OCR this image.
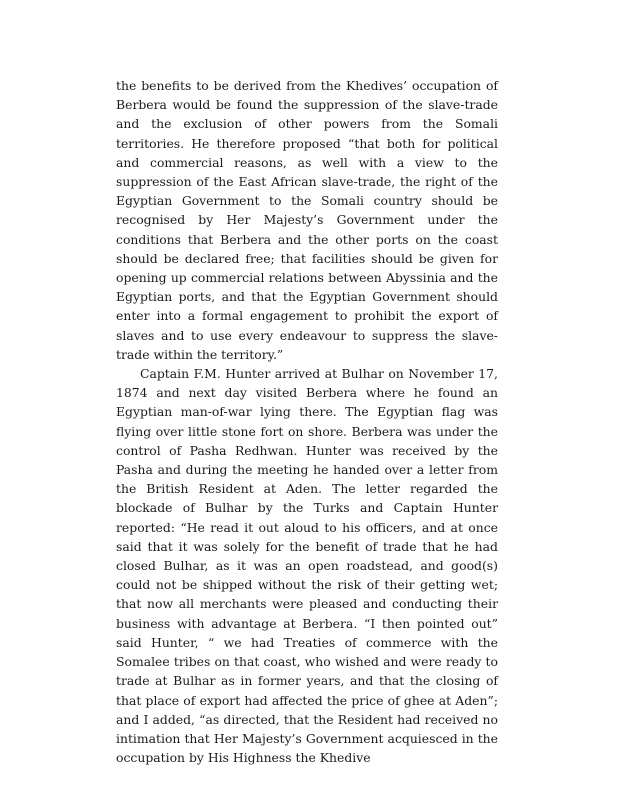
the benefits to be derived from the Khedives’ occupation of Berbera would be found the suppression of the slave-trade and the exclusion of other powers from the Somali territories. He therefore proposed “that both for political and commercial reasons, as well with a view to the suppression of the East African slave-trade, the right of the Egyptian Government to the Somali country should be recognised by Her Majesty’s Government under the conditions that Berbera and the other ports on the coast should be declared free; that facilities should be given for opening up commercial relations between Abyssinia and the Egyptian ports, and that the Egyptian Government should enter into a formal engagement to prohibit the export of slaves and to use every endeavour to suppress the slave-trade within the territory.”

Captain F.M. Hunter arrived at Bulhar on November 17, 1874 and next day visited Berbera where he found an Egyptian man-of-war lying there. The Egyptian flag was flying over little stone fort on shore. Berbera was under the control of Pasha Redhwan. Hunter was received by the Pasha and during the meeting he handed over a letter from the British Resident at Aden. The letter regarded the blockade of Bulhar by the Turks and Captain Hunter reported: “He read it out aloud to his officers, and at once said that it was solely for the benefit of trade that he had closed Bulhar, as it was an open roadstead, and good(s) could not be shipped without the risk of their getting wet; that now all merchants were pleased and conducting their business with advantage at Berbera. “I then pointed out” said Hunter, “ we had Treaties of commerce with the Somalee tribes on that coast, who wished and were ready to trade at Bulhar as in former years, and that the closing of that place of export had affected the price of ghee at Aden”; and I added, “as directed, that the Resident had received no intimation that Her Majesty’s Government acquiesced in the occupation by His Highness the Khedive
